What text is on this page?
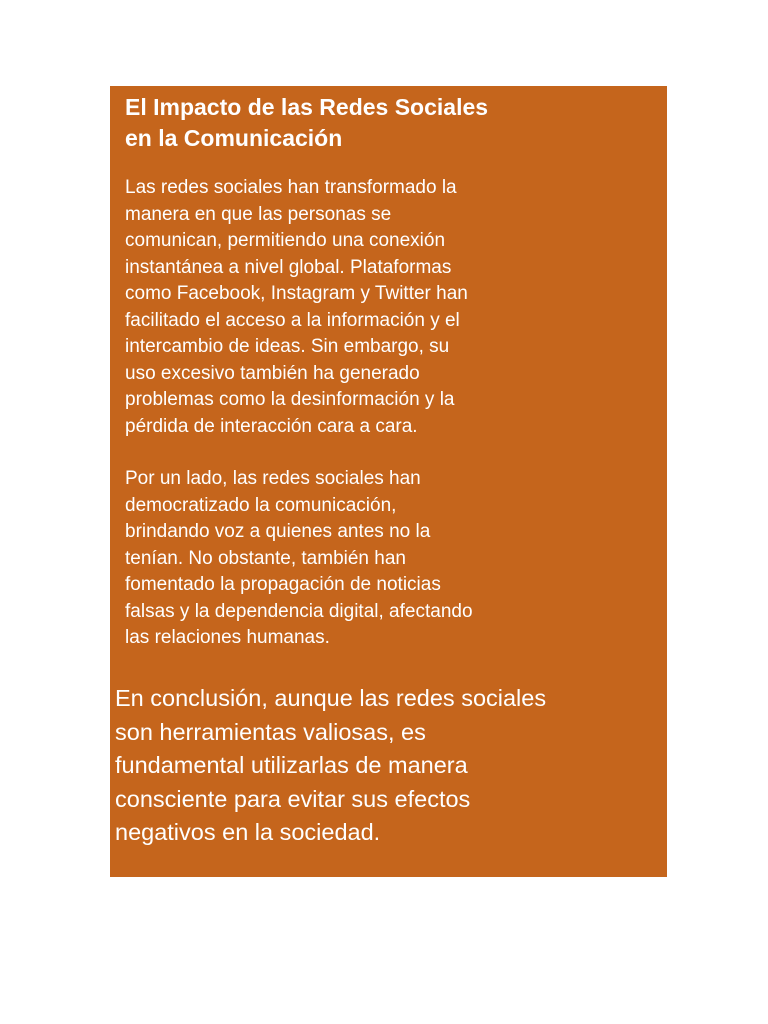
El Impacto de las Redes Sociales
en la Comunicación

Las redes sociales han transformado la
manera en que las personas se
comunican, permitiendo una conexión
instantánea a nivel global. Plataformas
como Facebook, Instagram y Twitter han
facilitado el acceso a la información y el
intercambio de ideas. Sin embargo, su
uso excesivo también ha generado
problemas como la desinformación y la
pérdida de interacción cara a cara.

Por un lado, las redes sociales han
democratizado la comunicación,
brindando voz a quienes antes no la
tenían. No obstante, también han
fomentado la propagación de noticias
falsas y la dependencia digital, afectando
las relaciones humanas.

En conclusión, aunque las redes sociales
son herramientas valiosas, es
fundamental utilizarlas de manera
consciente para evitar sus efectos
negativos en la sociedad.
